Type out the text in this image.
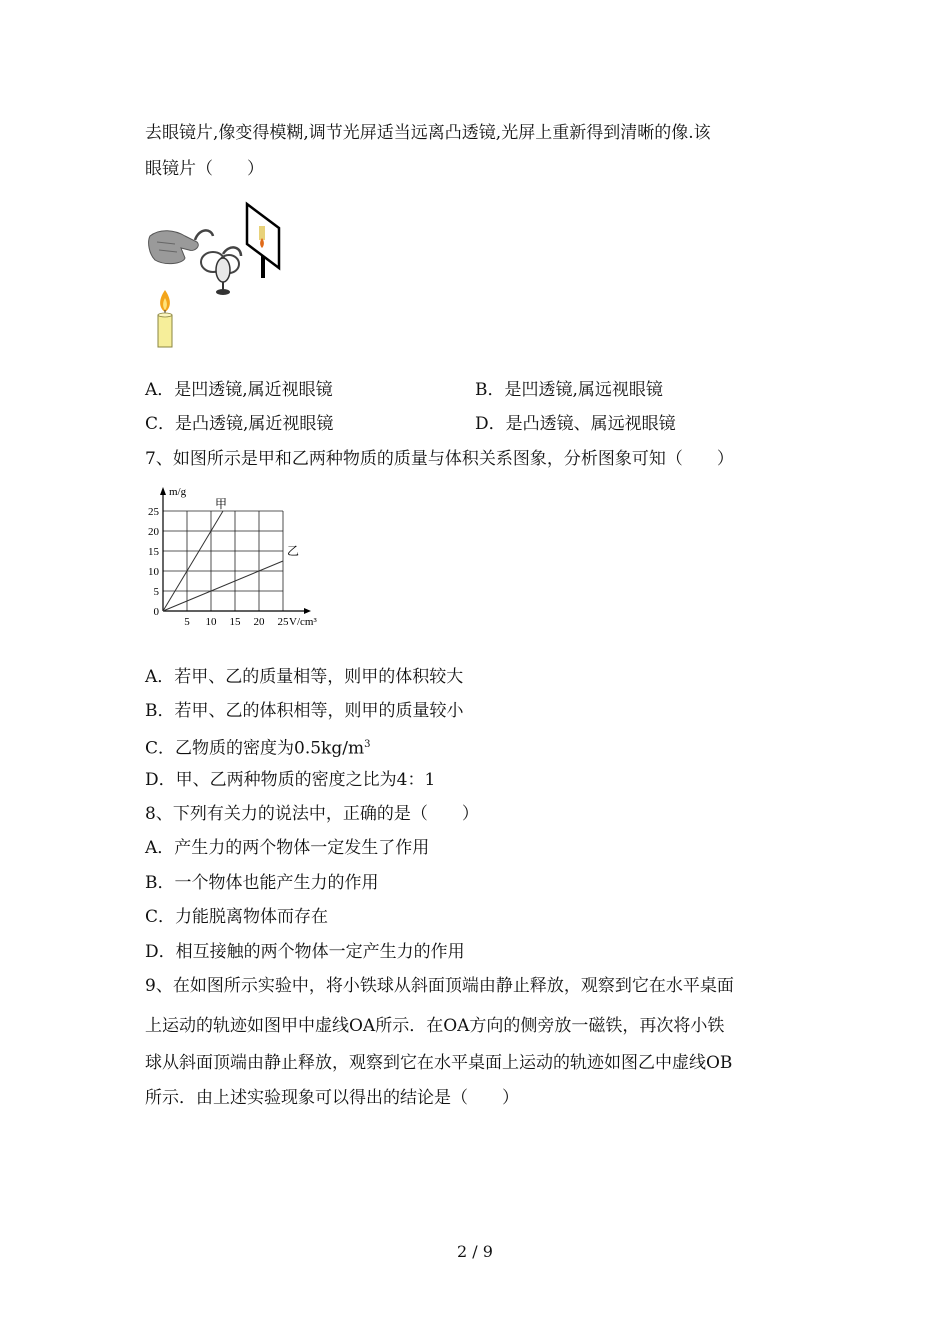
去眼镜片,像变得模糊,调节光屏适当远离凸透镜,光屏上重新得到清晰的像.该
眼镜片（　　）
A．是凹透镜,属近视眼镜	B．是凹透镜,属远视眼镜
C．是凸透镜,属近视眼镜	D．是凸透镜、属远视眼镜
7、如图所示是甲和乙两种物质的质量与体积关系图象，分析图象可知（　　）
甲
乙
5 10 15 20 25
5
10
15
20
25
0
m/g
V/cm³
A．若甲、乙的质量相等，则甲的体积较大
B．若甲、乙的体积相等，则甲的质量较小
C．乙物质的密度为$0.5kg/m^3$
D．甲、乙两种物质的密度之比为4：1
8、下列有关力的说法中，正确的是（　　）
A．产生力的两个物体一定发生了作用
B．一个物体也能产生力的作用
C．力能脱离物体而存在
D．相互接触的两个物体一定产生力的作用
9、在如图所示实验中，将小铁球从斜面顶端由静止释放，观察到它在水平桌面
上运动的轨迹如图甲中虚线OA所示．在OA方向的侧旁放一磁铁，再次将小铁
球从斜面顶端由静止释放，观察到它在水平桌面上运动的轨迹如图乙中虚线OB
所示．由上述实验现象可以得出的结论是（　　）
2 / 9
